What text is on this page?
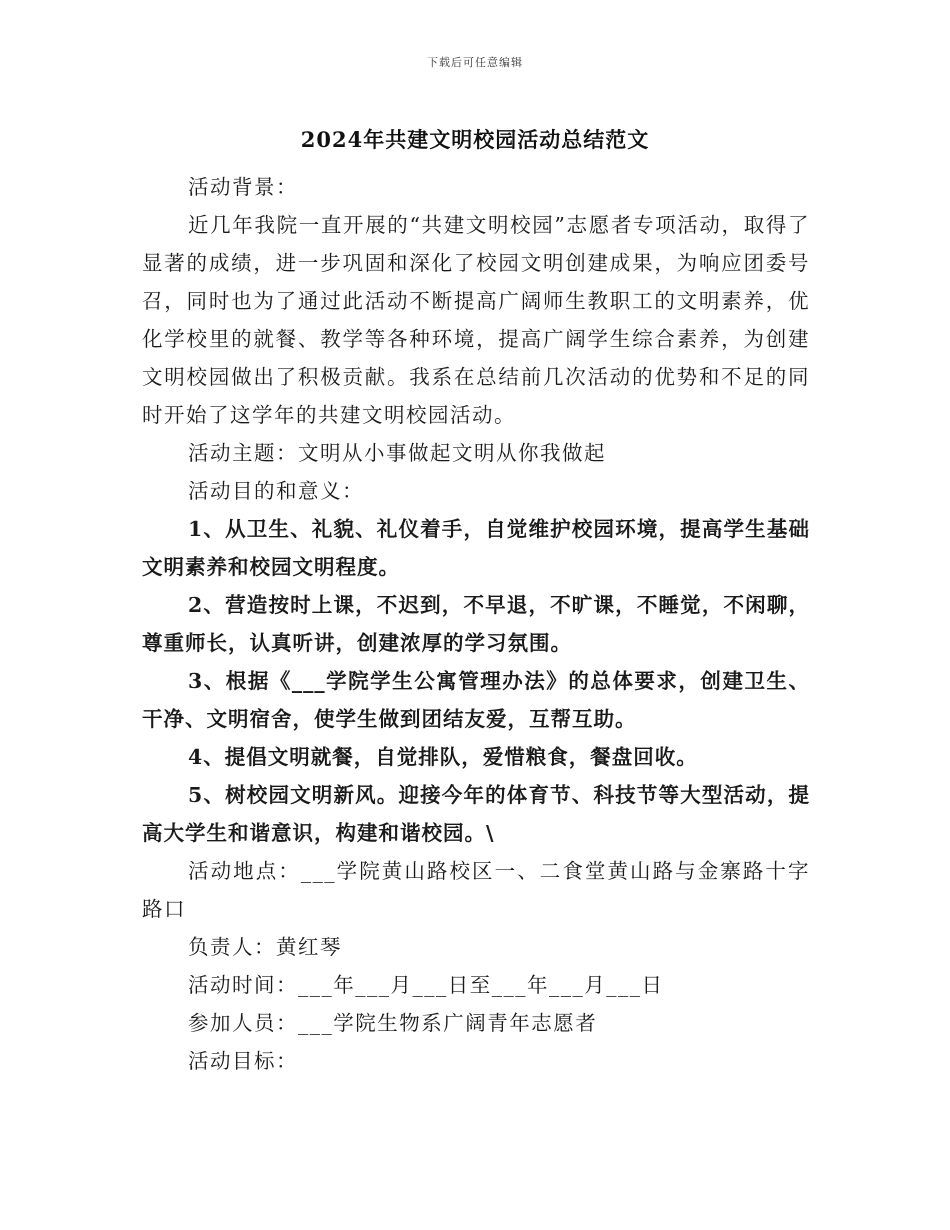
下载后可任意编辑
2024年共建文明校园活动总结范文

活动背景：

近几年我院一直开展的“共建文明校园”志愿者专项活动，取得了显著的成绩，进一步巩固和深化了校园文明创建成果，为响应团委号召，同时也为了通过此活动不断提高广阔师生教职工的文明素养，优化学校里的就餐、教学等各种环境，提高广阔学生综合素养，为创建文明校园做出了积极贡献。我系在总结前几次活动的优势和不足的同时开始了这学年的共建文明校园活动。

活动主题：文明从小事做起文明从你我做起

活动目的和意义：

1、从卫生、礼貌、礼仪着手，自觉维护校园环境，提高学生基础文明素养和校园文明程度。

2、营造按时上课，不迟到，不早退，不旷课，不睡觉，不闲聊，尊重师长，认真听讲，创建浓厚的学习氛围。

3、根据《___学院学生公寓管理办法》的总体要求，创建卫生、干净、文明宿舍，使学生做到团结友爱，互帮互助。

4、提倡文明就餐，自觉排队，爱惜粮食，餐盘回收。

5、树校园文明新风。迎接今年的体育节、科技节等大型活动，提高大学生和谐意识，构建和谐校园。\

活动地点：___学院黄山路校区一、二食堂黄山路与金寨路十字路口

负责人：黄红琴

活动时间：___年___月___日至___年___月___日

参加人员：___学院生物系广阔青年志愿者

活动目标：
